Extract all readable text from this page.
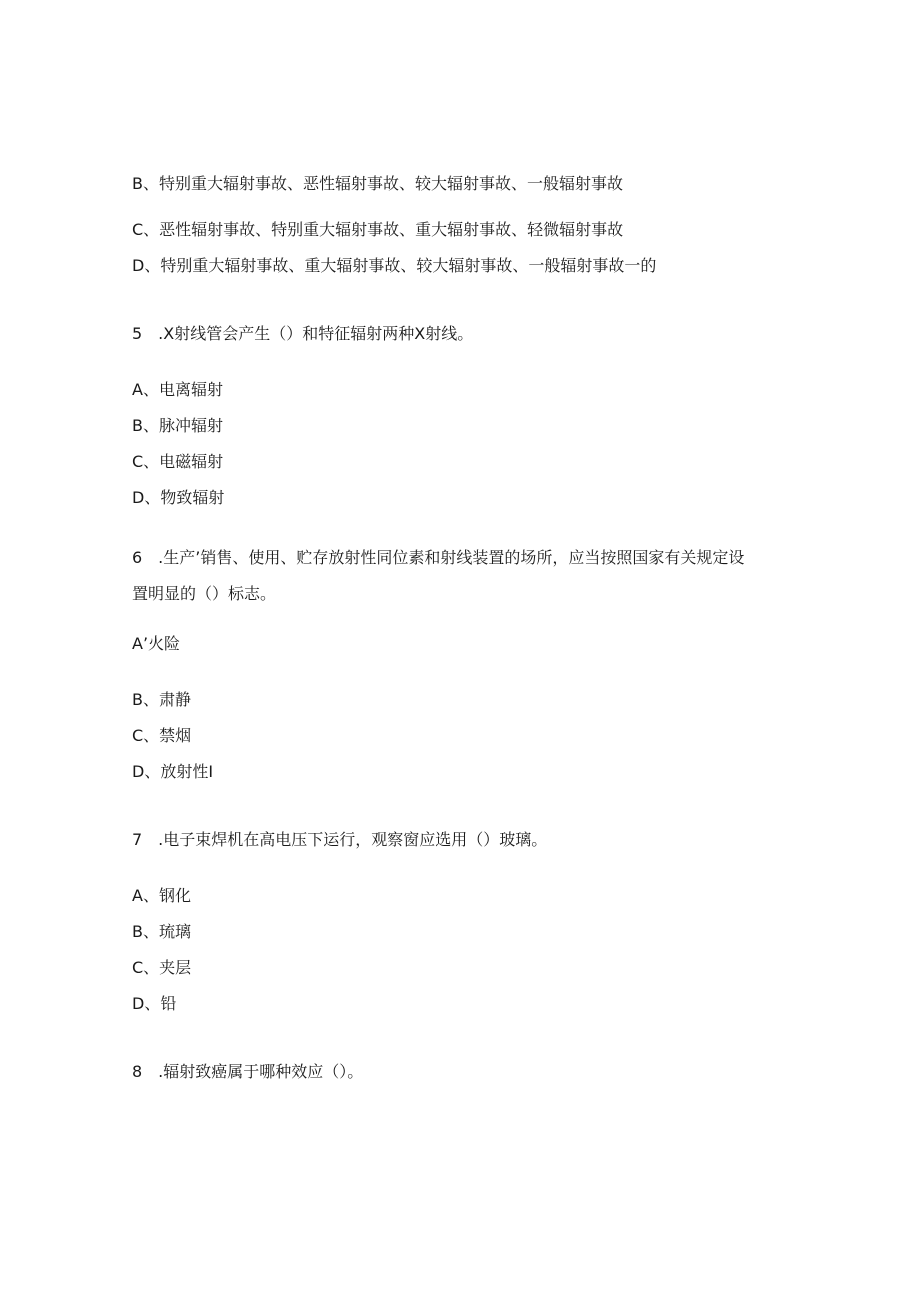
B、特别重大辐射事故、恶性辐射事故、较大辐射事故、一般辐射事故
C、恶性辐射事故、特别重大辐射事故、重大辐射事故、轻微辐射事故
D、特别重大辐射事故、重大辐射事故、较大辐射事故、一般辐射事故一的
5　.X射线管会产生（）和特征辐射两种X射线。
A、电离辐射
B、脉冲辐射
C、电磁辐射
D、物致辐射
6　.生产’销售、使用、贮存放射性同位素和射线装置的场所，应当按照国家有关规定设
置明显的（）标志。
A’火险
B、肃静
C、禁烟
D、放射性I
7　.电子束焊机在高电压下运行，观察窗应选用（）玻璃。
A、钢化
B、琉璃
C、夹层
D、铅
8　.辐射致癌属于哪种效应（）。
